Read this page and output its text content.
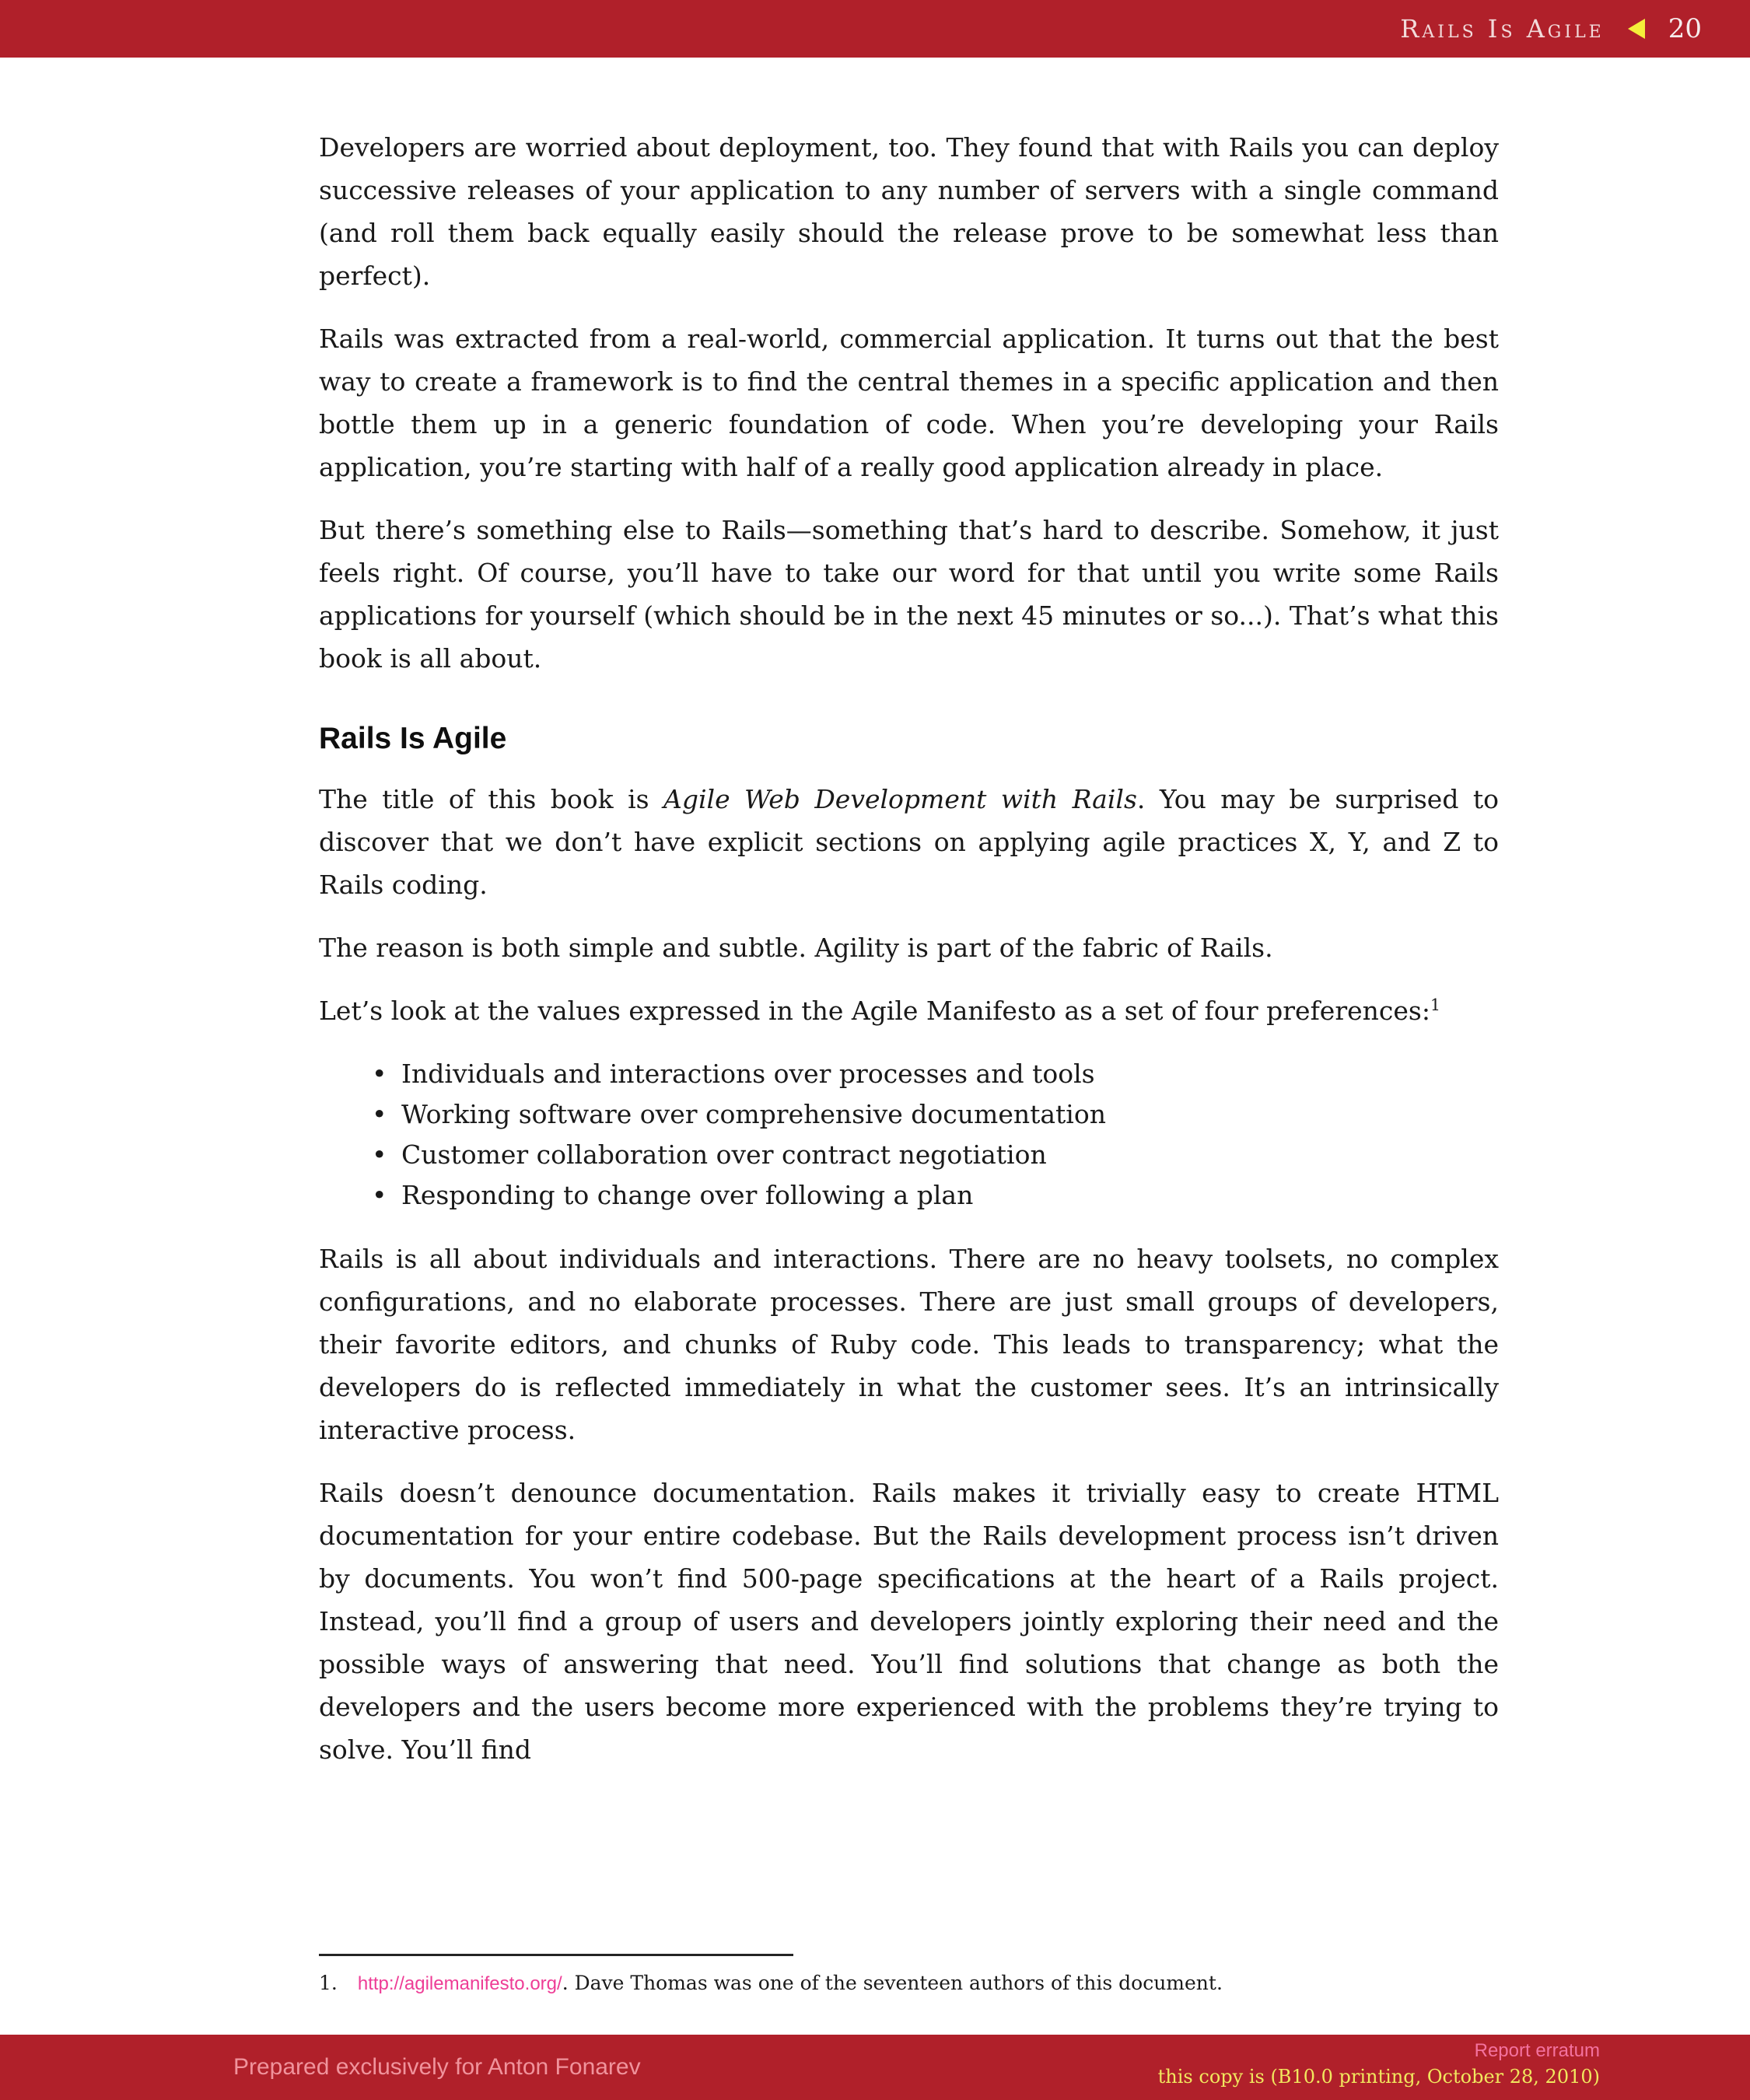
Rails Is Agile 20

Developers are worried about deployment, too. They found that with Rails you can deploy successive releases of your application to any number of servers with a single command (and roll them back equally easily should the release prove to be somewhat less than perfect).

Rails was extracted from a real-world, commercial application. It turns out that the best way to create a framework is to find the central themes in a specific application and then bottle them up in a generic foundation of code. When you’re developing your Rails application, you’re starting with half of a really good application already in place.

But there’s something else to Rails—something that’s hard to describe. Somehow, it just feels right. Of course, you’ll have to take our word for that until you write some Rails applications for yourself (which should be in the next 45 minutes or so...). That’s what this book is all about.

Rails Is Agile

The title of this book is Agile Web Development with Rails. You may be surprised to discover that we don’t have explicit sections on applying agile practices X, Y, and Z to Rails coding.

The reason is both simple and subtle. Agility is part of the fabric of Rails.

Let’s look at the values expressed in the Agile Manifesto as a set of four preferences:$^1$

• Individuals and interactions over processes and tools
• Working software over comprehensive documentation
• Customer collaboration over contract negotiation
• Responding to change over following a plan

Rails is all about individuals and interactions. There are no heavy toolsets, no complex configurations, and no elaborate processes. There are just small groups of developers, their favorite editors, and chunks of Ruby code. This leads to transparency; what the developers do is reflected immediately in what the customer sees. It’s an intrinsically interactive process.

Rails doesn’t denounce documentation. Rails makes it trivially easy to create HTML documentation for your entire codebase. But the Rails development process isn’t driven by documents. You won’t find 500-page specifications at the heart of a Rails project. Instead, you’ll find a group of users and developers jointly exploring their need and the possible ways of answering that need. You’ll find solutions that change as both the developers and the users become more experienced with the problems they’re trying to solve. You’ll find

1. http://agilemanifesto.org/. Dave Thomas was one of the seventeen authors of this document.
Prepared exclusively for Anton Fonarev
Report erratum
this copy is (B10.0 printing, October 28, 2010)
